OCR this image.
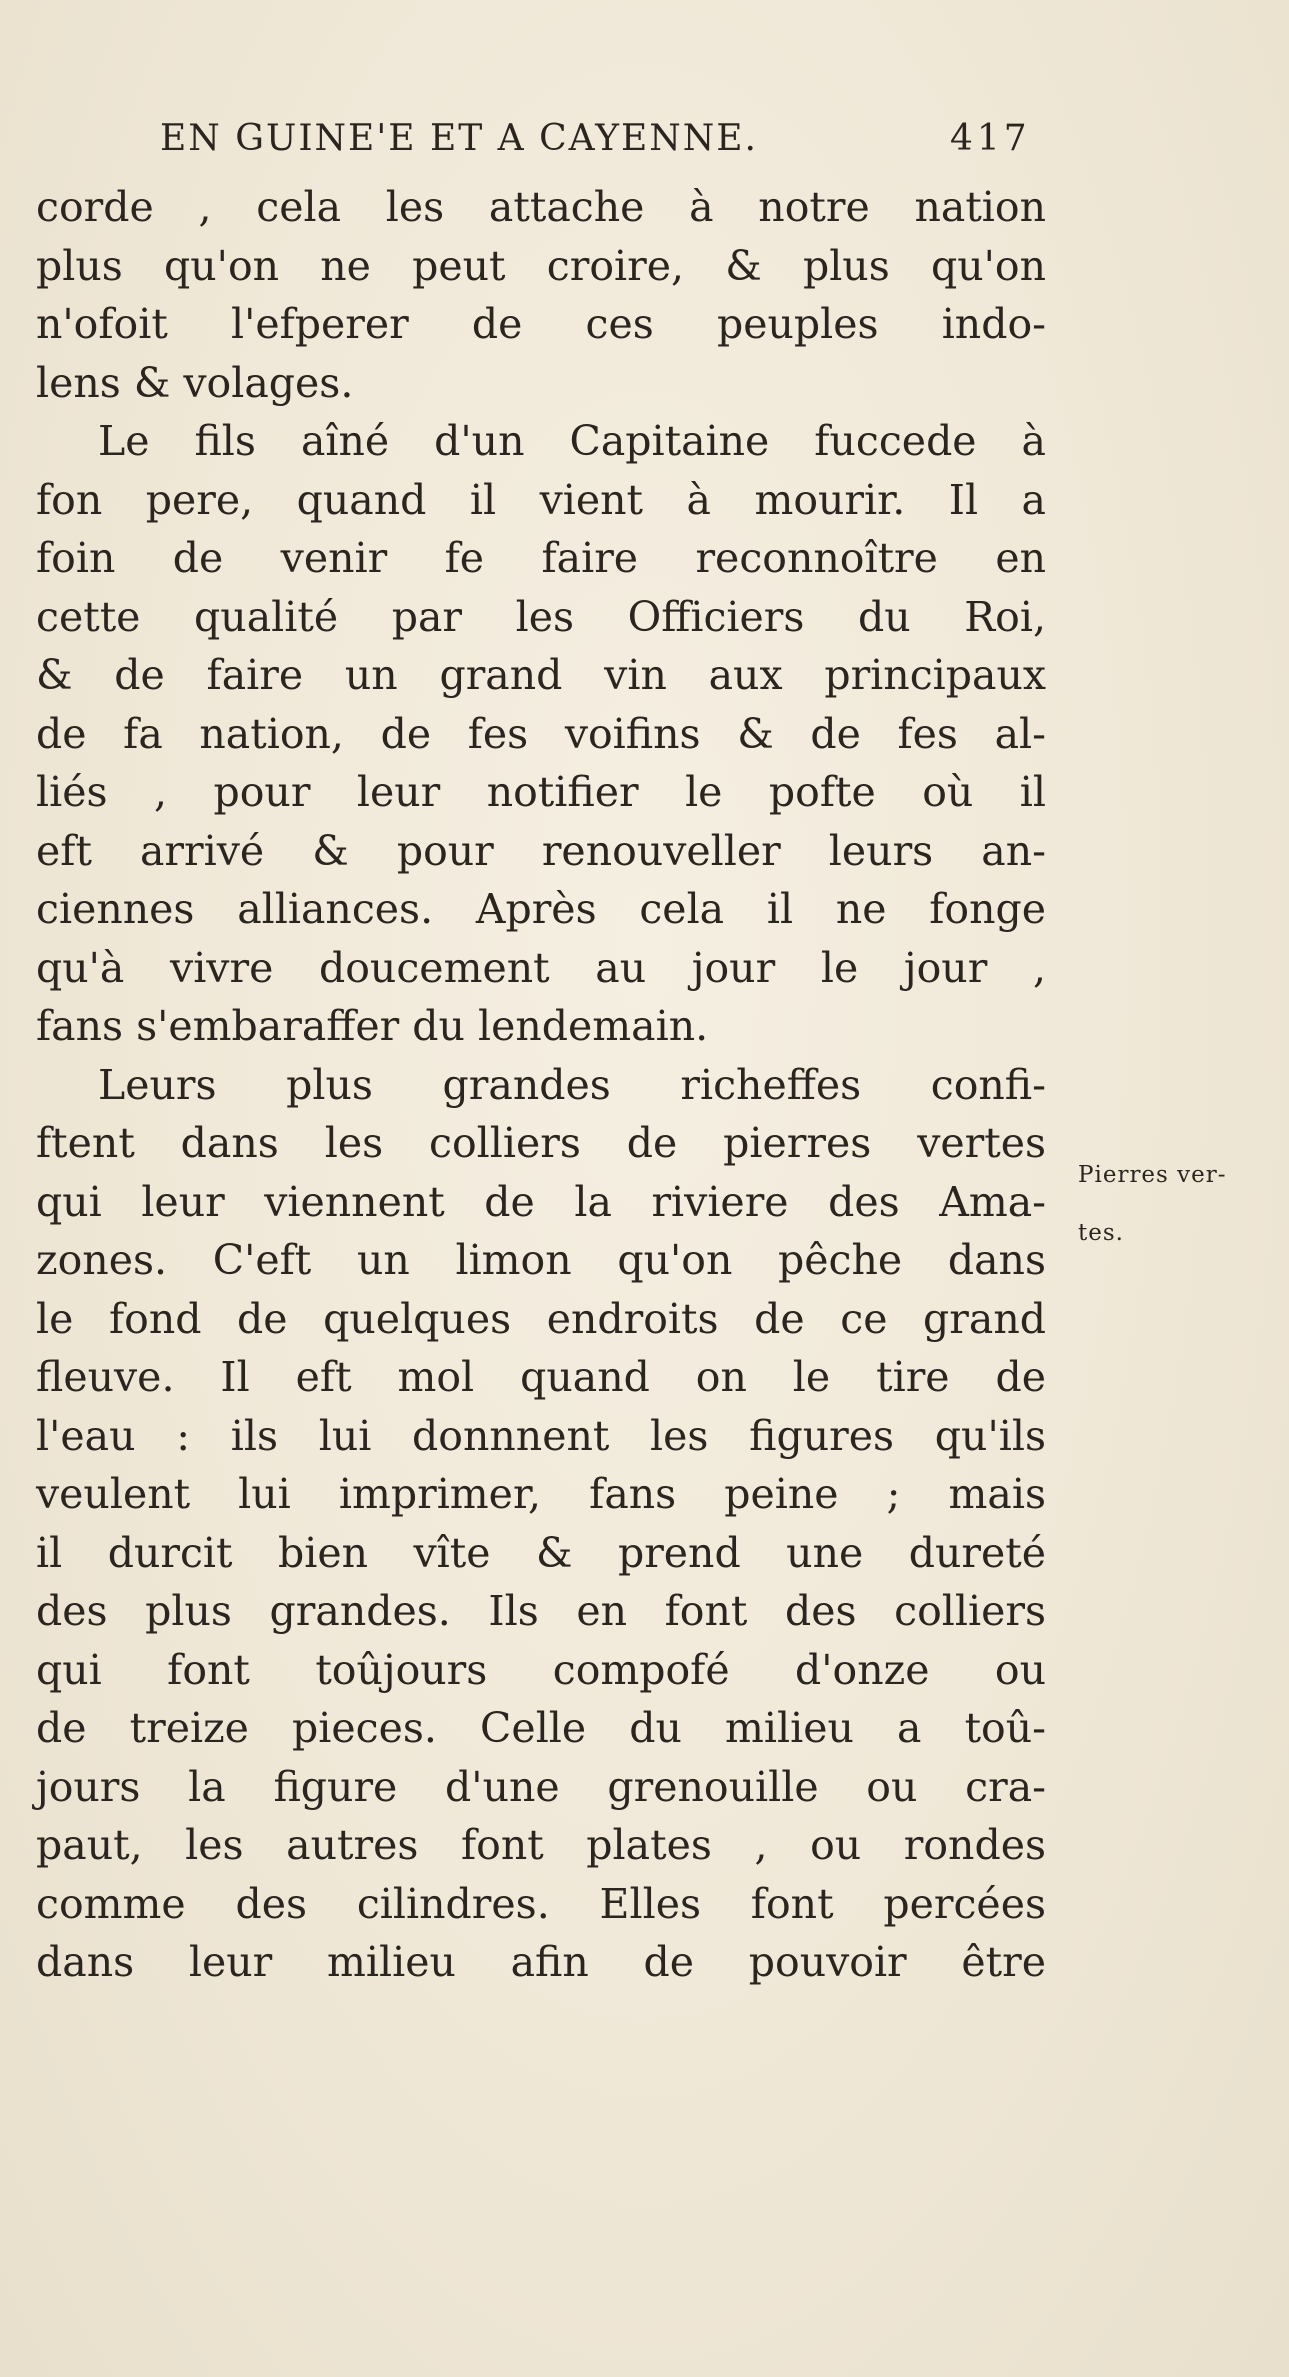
EN GUINE'E ET A CAYENNE.	417
corde , cela les attache à notre nation
plus qu'on ne peut croire, & plus qu'on
n'ofoit l'efperer de ces peuples indo-
lens & volages.
Le fils aîné d'un Capitaine fuccede à
fon pere, quand il vient à mourir. Il a
foin de venir fe faire reconnoître en
cette qualité par les Officiers du Roi,
& de faire un grand vin aux principaux
de fa nation, de fes voifins & de fes al-
liés , pour leur notifier le pofte où il
eft arrivé & pour renouveller leurs an-
ciennes alliances. Après cela il ne fonge
qu'à vivre doucement au jour le jour ,
fans s'embaraffer du lendemain.
Leurs plus grandes richeffes confi-
ftent dans les colliers de pierres vertes
qui leur viennent de la riviere des Ama-
zones. C'eft un limon qu'on pêche dans
le fond de quelques endroits de ce grand
fleuve. Il eft mol quand on le tire de
l'eau : ils lui donnnent les figures qu'ils
veulent lui imprimer, fans peine ; mais
il durcit bien vîte & prend une dureté
des plus grandes. Ils en font des colliers
qui font toûjours compofé d'onze ou
de treize pieces. Celle du milieu a toû-
jours la figure d'une grenouille ou cra-
paut, les autres font plates , ou rondes
comme des cilindres. Elles font percées
dans leur milieu afin de pouvoir être
Pierres ver-
tes.
